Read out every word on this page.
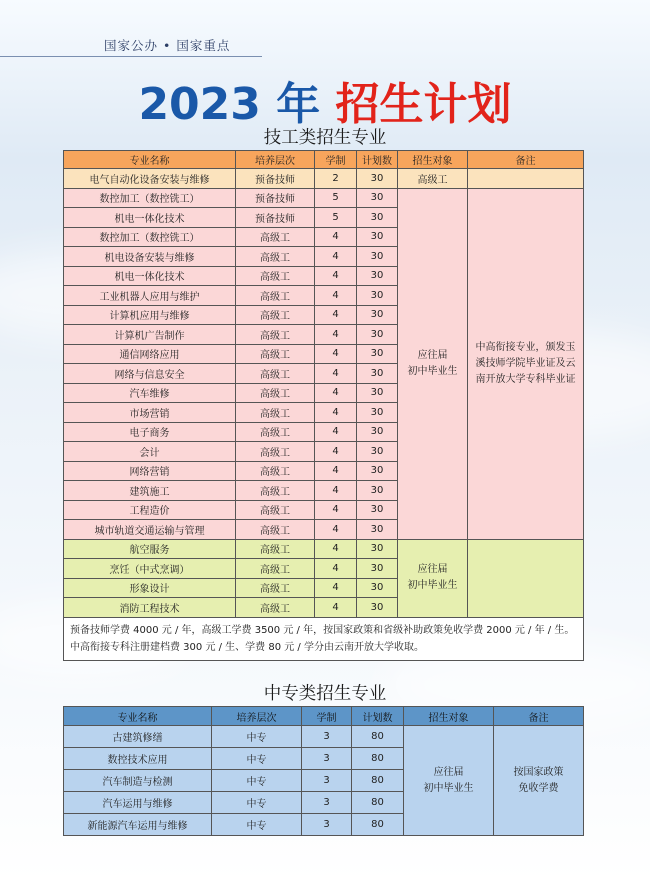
国家公办 • 国家重点
2023 年 招生计划
技工类招生专业
专业名称	培养层次	学制	计划数	招生对象	备注
电气自动化设备安装与维修	预备技师	2	30	高级工	
数控加工（数控铣工）	预备技师	5	30	应往届
初中毕业生	中高衔接专业，颁发玉
溪技师学院毕业证及云
南开放大学专科毕业证
机电一体化技术	预备技师	5	30		
数控加工（数控铣工）	高级工	4	30		
机电设备安装与维修	高级工	4	30		
机电一体化技术	高级工	4	30		
工业机器人应用与维护	高级工	4	30		
计算机应用与维修	高级工	4	30		
计算机广告制作	高级工	4	30		
通信网络应用	高级工	4	30		
网络与信息安全	高级工	4	30		
汽车维修	高级工	4	30		
市场营销	高级工	4	30		
电子商务	高级工	4	30		
会计	高级工	4	30		
网络营销	高级工	4	30		
建筑施工	高级工	4	30		
工程造价	高级工	4	30		
城市轨道交通运输与管理	高级工	4	30		
航空服务	高级工	4	30	应往届
初中毕业生	
烹饪（中式烹调）	高级工	4	30		
形象设计	高级工	4	30		
消防工程技术	高级工	4	30		
预备技师学费 4000 元 / 年，高级工学费 3500 元 / 年，按国家政策和省级补助政策免收学费 2000 元 / 年 / 生。中高衔接专科注册建档费 300 元 / 生、学费 80 元 / 学分由云南开放大学收取。					
中专类招生专业
专业名称	培养层次	学制	计划数	招生对象	备注
古建筑修缮	中专	3	80	应往届
初中毕业生	按国家政策
免收学费
数控技术应用	中专	3	80		
汽车制造与检测	中专	3	80		
汽车运用与维修	中专	3	80		
新能源汽车运用与维修	中专	3	80		
